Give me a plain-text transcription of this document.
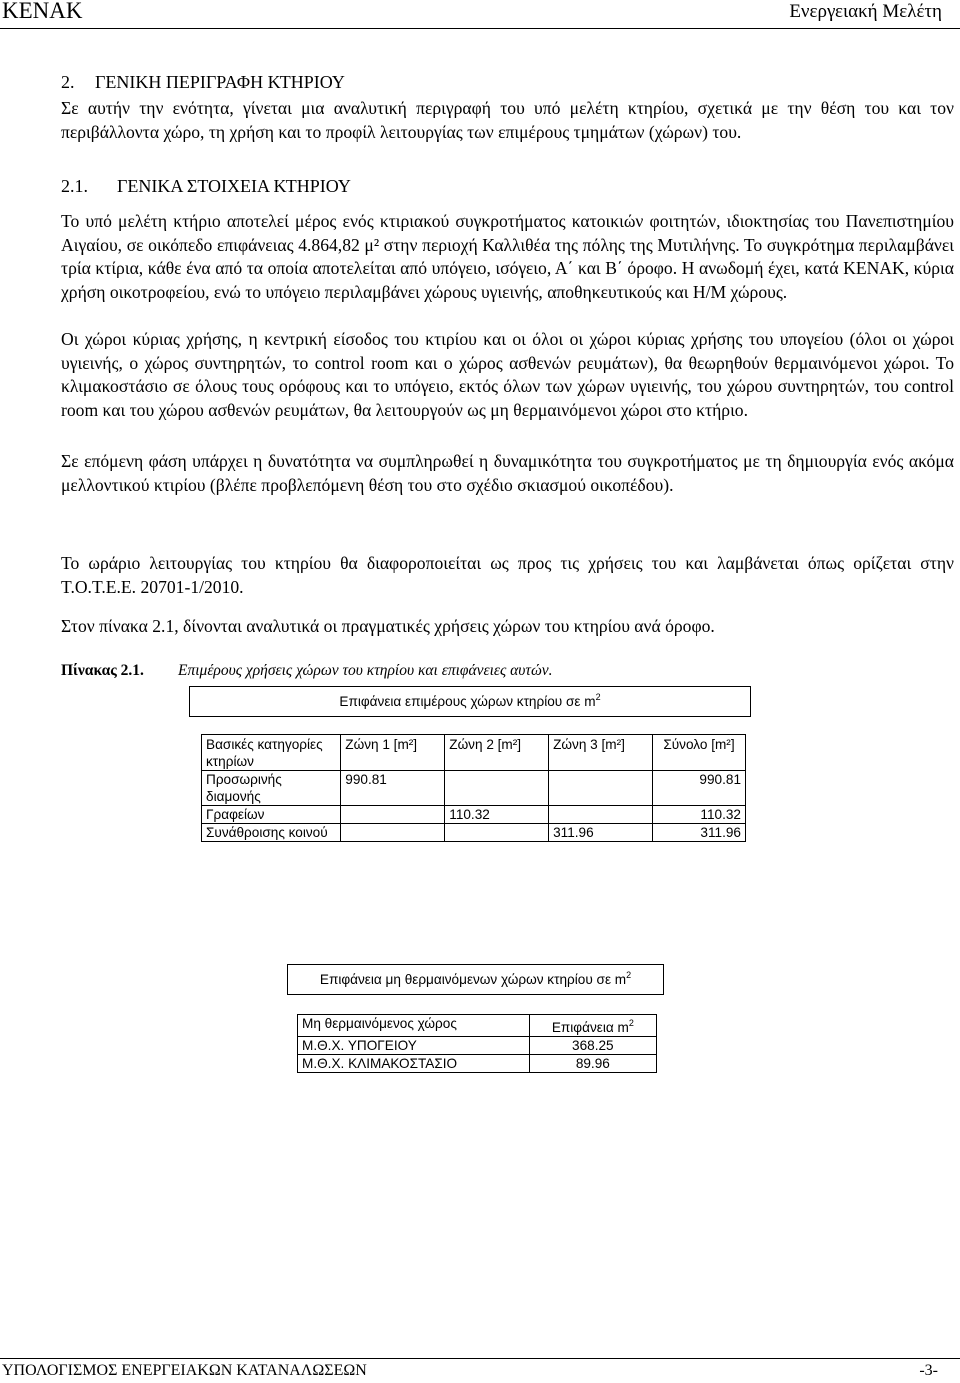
ΚΕΝΑΚ	Ενεργειακή Μελέτη
2. ΓΕΝΙΚΗ ΠΕΡΙΓΡΑΦΗ ΚΤΗΡΙΟΥ

Σε αυτήν την ενότητα, γίνεται μια αναλυτική περιγραφή του υπό μελέτη κτηρίου, σχετικά με την θέση του και τον περιβάλλοντα χώρο, τη χρήση και το προφίλ λειτουργίας των επιμέρους τμημάτων (χώρων) του.

2.1. ΓΕΝΙΚΑ ΣΤΟΙΧΕΙΑ ΚΤΗΡΙΟΥ

Το υπό μελέτη κτήριο αποτελεί μέρος ενός κτιριακού συγκροτήματος κατοικιών φοιτητών, ιδιοκτησίας του Πανεπιστημίου Αιγαίου, σε οικόπεδο επιφάνειας 4.864,82 μ² στην περιοχή Καλλιθέα της πόλης της Μυτιλήνης. Το συγκρότημα περιλαμβάνει τρία κτίρια, κάθε ένα από τα οποία αποτελείται από υπόγειο, ισόγειο, Α΄ και Β΄ όροφο. Η ανωδομή έχει, κατά ΚΕΝΑΚ, κύρια χρήση οικοτροφείου, ενώ το υπόγειο περιλαμβάνει χώρους υγιεινής, αποθηκευτικούς και Η/Μ χώρους.

Οι χώροι κύριας χρήσης, η κεντρική είσοδος του κτιρίου και οι όλοι οι χώροι κύριας χρήσης του υπογείου (όλοι οι χώροι υγιεινής, ο χώρος συντηρητών, το control room και ο χώρος ασθενών ρευμάτων), θα θεωρηθούν θερμαινόμενοι χώροι. Το κλιμακοστάσιο σε όλους τους ορόφους και το υπόγειο, εκτός όλων των χώρων υγιεινής, του χώρου συντηρητών, του control room και του χώρου ασθενών ρευμάτων, θα λειτουργούν ως μη θερμαινόμενοι χώροι στο κτήριο.

Σε επόμενη φάση υπάρχει η δυνατότητα να συμπληρωθεί η δυναμικότητα του συγκροτήματος με τη δημιουργία ενός ακόμα μελλοντικού κτιρίου (βλέπε προβλεπόμενη θέση του στο σχέδιο σκιασμού οικοπέδου).

Το ωράριο λειτουργίας του κτηρίου θα διαφοροποιείται ως προς τις χρήσεις του και λαμβάνεται όπως ορίζεται στην Τ.Ο.Τ.Ε.Ε. 20701-1/2010.

Στον πίνακα 2.1, δίνονται αναλυτικά οι πραγματικές χρήσεις χώρων του κτηρίου ανά όροφο.

Πίνακας 2.1. Επιμέρους χρήσεις χώρων του κτηρίου και επιφάνειες αυτών.
Επιφάνεια επιμέρους χώρων κτηρίου σε $m^2$
Βασικές κατηγορίες κτηρίων	Ζώνη 1 [m²]	Ζώνη 2 [m²]	Ζώνη 3 [m²]	Σύνολο [m²]
Προσωρινής διαμονής	990.81			990.81
Γραφείων		110.32		110.32
Συνάθροισης κοινού			311.96	311.96
Επιφάνεια μη θερμαινόμενων χώρων κτηρίου σε $m^2$
Μη θερμαινόμενος χώρος	Επιφάνεια $m^2$
Μ.Θ.Χ. ΥΠΟΓΕΙΟΥ	368.25
Μ.Θ.Χ. ΚΛΙΜΑΚΟΣΤΑΣΙΟ	89.96
ΥΠΟΛΟΓΙΣΜΟΣ ΕΝΕΡΓΕΙΑΚΩΝ ΚΑΤΑΝΑΛΩΣΕΩΝ	-3-
